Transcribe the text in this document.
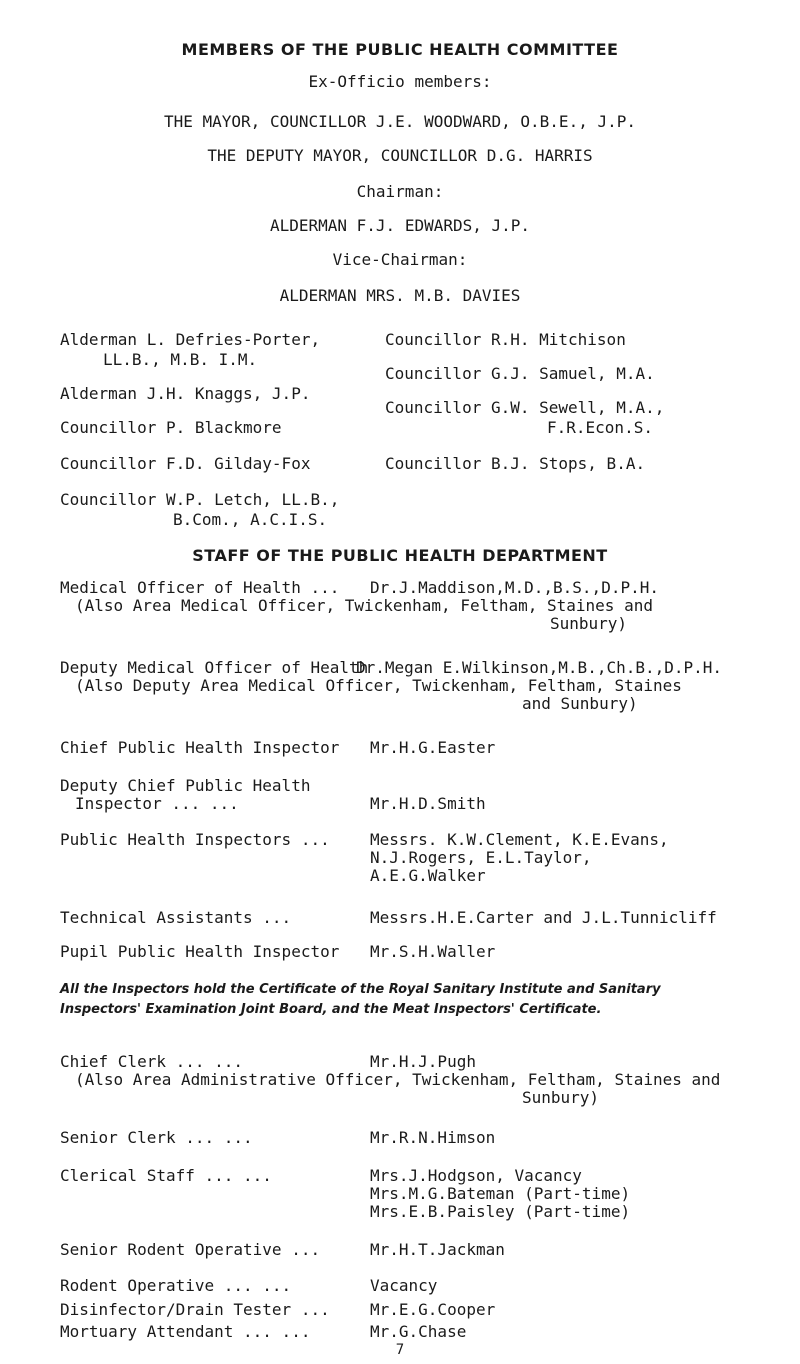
MEMBERS OF THE PUBLIC HEALTH COMMITTEE
Ex-Officio members:
THE MAYOR, COUNCILLOR J.E. WOODWARD, O.B.E., J.P.
THE DEPUTY MAYOR, COUNCILLOR D.G. HARRIS
Chairman:
ALDERMAN F.J. EDWARDS, J.P.
Vice-Chairman:
ALDERMAN MRS. M.B. DAVIES
Alderman L. Defries-Porter,
LL.B., M.B. I.M.
Alderman J.H. Knaggs, J.P.
Councillor P. Blackmore
Councillor F.D. Gilday-Fox
Councillor W.P. Letch, LL.B.,
B.Com., A.C.I.S.
Councillor R.H. Mitchison
Councillor G.J. Samuel, M.A.
Councillor G.W. Sewell, M.A.,
F.R.Econ.S.
Councillor B.J. Stops, B.A.
STAFF OF THE PUBLIC HEALTH DEPARTMENT
Medical Officer of Health ... Dr.J.Maddison,M.D.,B.S.,D.P.H.
(Also Area Medical Officer, Twickenham, Feltham, Staines and
Sunbury)
Deputy Medical Officer of Health
Dr.Megan E.Wilkinson,M.B.,Ch.B.,D.P.H.
(Also Deputy Area Medical Officer, Twickenham, Feltham, Staines
and Sunbury)
Chief Public Health Inspector Mr.H.G.Easter
Deputy Chief Public Health
Inspector ... ...	Mr.H.D.Smith
Public Health Inspectors ...	Messrs. K.W.Clement, K.E.Evans,
N.J.Rogers, E.L.Taylor,
A.E.G.Walker
Technical Assistants ...	Messrs.H.E.Carter and J.L.Tunnicliff
Pupil Public Health Inspector Mr.S.H.Waller
All the Inspectors hold the Certificate of the Royal Sanitary Institute and Sanitary Inspectors' Examination Joint Board, and the Meat Inspectors' Certificate.
Chief Clerk ... ...	Mr.H.J.Pugh
(Also Area Administrative Officer, Twickenham, Feltham, Staines and
Sunbury)
Senior Clerk ... ...	Mr.R.N.Himson
Clerical Staff ... ...	Mrs.J.Hodgson, Vacancy
Mrs.M.G.Bateman (Part-time)
Mrs.E.B.Paisley (Part-time)
Senior Rodent Operative ...	Mr.H.T.Jackman
Rodent Operative ... ...	Vacancy
Disinfector/Drain Tester ...	Mr.E.G.Cooper
Mortuary Attendant ... ...	Mr.G.Chase
7
